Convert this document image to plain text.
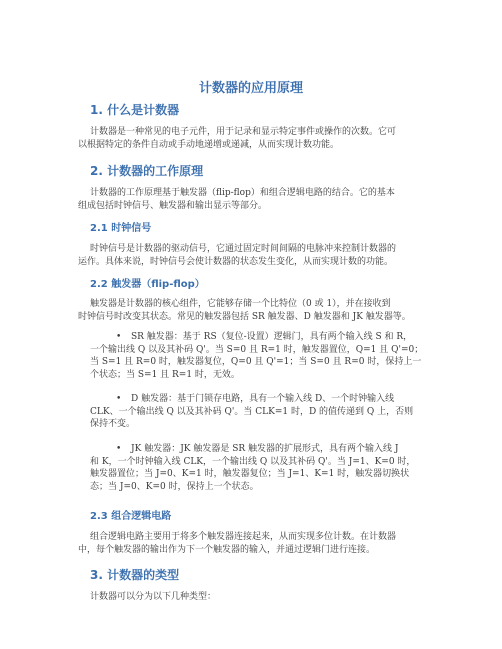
计数器的应用原理
1. 什么是计数器
计数器是一种常见的电子元件，用于记录和显示特定事件或操作的次数。它可
以根据特定的条件自动或手动地递增或递减，从而实现计数功能。
2. 计数器的工作原理
计数器的工作原理基于触发器（flip-flop）和组合逻辑电路的结合。它的基本
组成包括时钟信号、触发器和输出显示等部分。
2.1 时钟信号
时钟信号是计数器的驱动信号，它通过固定时间间隔的电脉冲来控制计数器的
运作。具体来说，时钟信号会使计数器的状态发生变化，从而实现计数的功能。
2.2 触发器（flip-flop）
触发器是计数器的核心组件，它能够存储一个比特位（0 或 1），并在接收到
时钟信号时改变其状态。常见的触发器包括 SR 触发器、D 触发器和 JK 触发器等。
• SR 触发器：基于 RS（复位-设置）逻辑门，具有两个输入线 S 和 R，
一个输出线 Q 以及其补码 Q'。当 S=0 且 R=1 时，触发器置位，Q=1 且 Q'=0；
当 S=1 且 R=0 时，触发器复位，Q=0 且 Q'=1；当 S=0 且 R=0 时，保持上一
个状态；当 S=1 且 R=1 时，无效。
• D 触发器：基于门锁存电路，具有一个输入线 D、一个时钟输入线
CLK、一个输出线 Q 以及其补码 Q'。当 CLK=1 时，D 的值传递到 Q 上，否则
保持不变。
• JK 触发器：JK 触发器是 SR 触发器的扩展形式，具有两个输入线 J
和 K，一个时钟输入线 CLK，一个输出线 Q 以及其补码 Q'。当 J=1、K=0 时，
触发器置位；当 J=0、K=1 时，触发器复位；当 J=1、K=1 时，触发器切换状
态；当 J=0、K=0 时，保持上一个状态。
2.3 组合逻辑电路
组合逻辑电路主要用于将多个触发器连接起来，从而实现多位计数。在计数器
中，每个触发器的输出作为下一个触发器的输入，并通过逻辑门进行连接。
3. 计数器的类型
计数器可以分为以下几种类型：
